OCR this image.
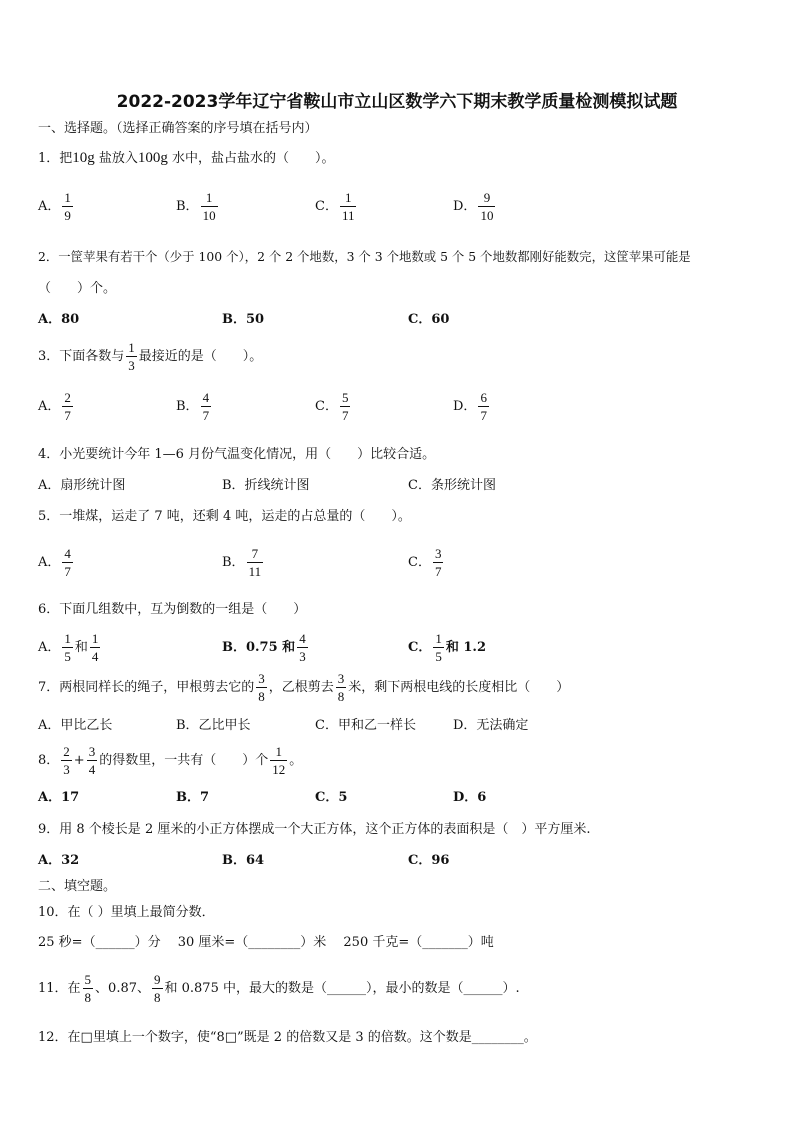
2022-2023学年辽宁省鞍山市立山区数学六下期末教学质量检测模拟试题
一、选择题。（选择正确答案的序号填在括号内）
1．把10g 盐放入100g 水中，盐占盐水的（　　）。
A． $\frac{1}{9}$	B． $\frac{1}{10}$	C． $\frac{1}{11}$	D． $\frac{9}{10}$
2．一筐苹果有若干个（少于 100 个），2 个 2 个地数，3 个 3 个地数或 5 个 5 个地数都刚好能数完，这筐苹果可能是
（　　）个。
A．80	B．50	C．60
3．下面各数与 $\frac{1}{3}$ 最接近的是（　　）。
A． $\frac{2}{7}$	B． $\frac{4}{7}$	C． $\frac{5}{7}$	D． $\frac{6}{7}$
4．小光要统计今年 1—6 月份气温变化情况，用（　　）比较合适。
A．扇形统计图	B．折线统计图	C．条形统计图
5．一堆煤，运走了 7 吨，还剩 4 吨，运走的占总量的（　　）。
A． $\frac{4}{7}$	B． $\frac{7}{11}$	C． $\frac{3}{7}$
6．下面几组数中，互为倒数的一组是（　　）
A． $\frac{1}{5}$ 和 $\frac{1}{4}$	B．0.75 和 $\frac{4}{3}$	C． $\frac{1}{5}$ 和 1.2
7．两根同样长的绳子，甲根剪去它的 $\frac{3}{8}$ ，乙根剪去 $\frac{3}{8}$ 米，剩下两根电线的长度相比（　　）
A．甲比乙长	B．乙比甲长	C．甲和乙一样长	D．无法确定
8． $\frac{2}{3} + \frac{3}{4}$ 的得数里，一共有（　　）个 $\frac{1}{12}$ 。
A．17	B．7	C．5	D．6
9．用 8 个棱长是 2 厘米的小正方体摆成一个大正方体，这个正方体的表面积是（　）平方厘米.
A．32	B．64	C．96
二、填空题。
10．在（ ）里填上最简分数．
25 秒=（______）分　 30 厘米=（________）米　 250 千克=（_______）吨
11．在 $\frac{5}{8}$ 、0.87、 $\frac{9}{8}$ 和 0.875 中，最大的数是（______），最小的数是（______）.
12．在□里填上一个数字，使“8□”既是 2 的倍数又是 3 的倍数。这个数是________。
